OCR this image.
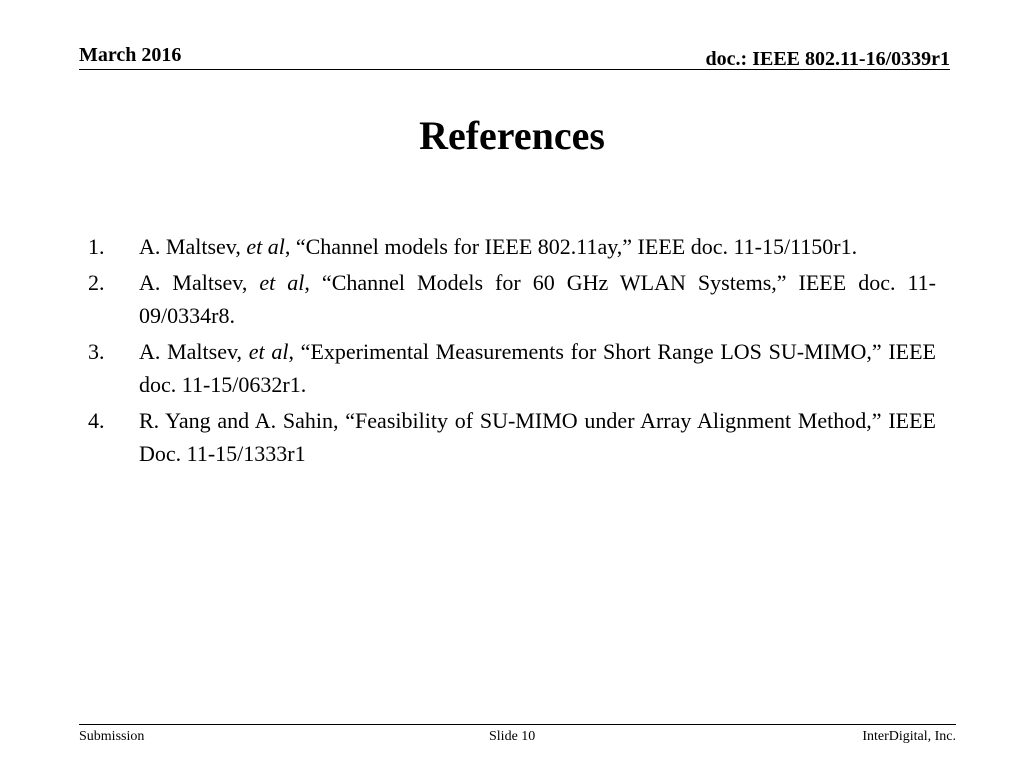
March 2016	doc.: IEEE 802.11-16/0339r1
References
1. A. Maltsev, et al, “Channel models for IEEE 802.11ay,” IEEE doc. 11-15/1150r1.
2. A. Maltsev, et al, “Channel Models for 60 GHz WLAN Systems,” IEEE doc. 11-09/0334r8.
3. A. Maltsev, et al, “Experimental Measurements for Short Range LOS SU-MIMO,” IEEE doc. 11-15/0632r1.
4. R. Yang and A. Sahin, “Feasibility of SU-MIMO under Array Alignment Method,” IEEE Doc. 11-15/1333r1
Submission	Slide 10	InterDigital, Inc.
